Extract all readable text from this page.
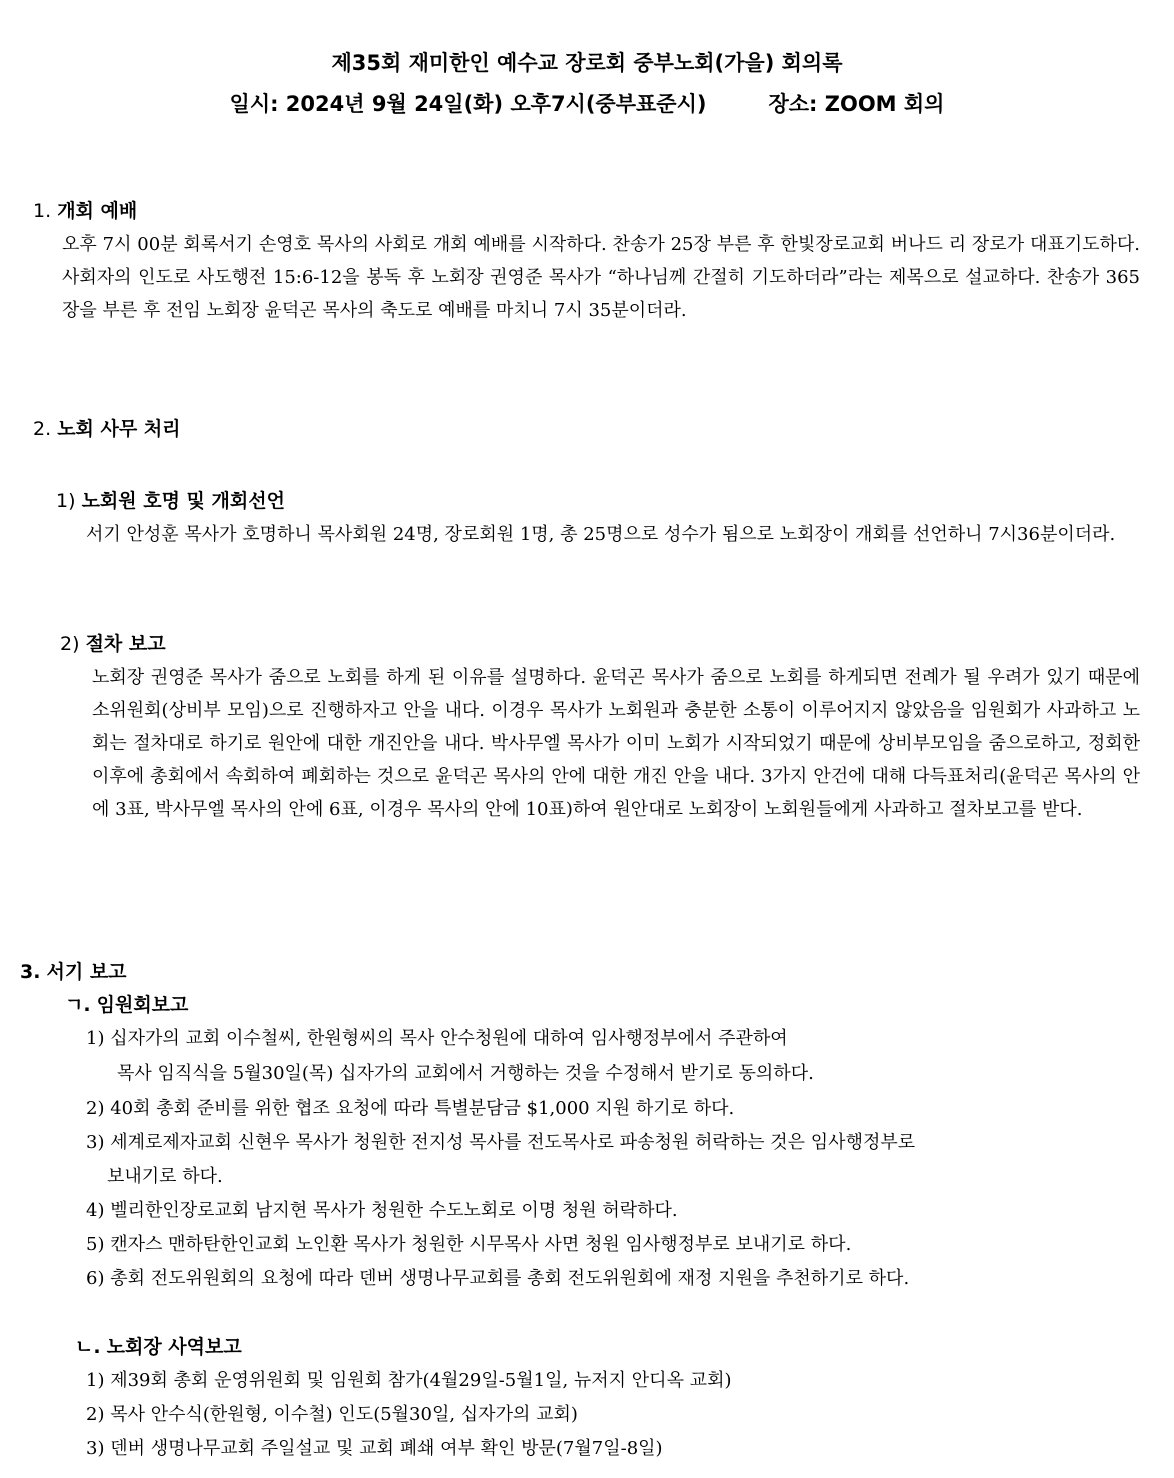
제35회 재미한인 예수교 장로회 중부노회(가을) 회의록
일시: 2024년 9월 24일(화) 오후7시(중부표준시)	장소: ZOOM 회의
1. 개회 예배
오후 7시 00분 회록서기 손영호 목사의 사회로 개회 예배를 시작하다. 찬송가 25장 부른 후 한빛장로교회 버나드 리 장로가 대표기도하다. 사회자의 인도로 사도행전 15:6-12을 봉독 후 노회장 권영준 목사가 “하나님께 간절히 기도하더라”라는 제목으로 설교하다. 찬송가 365장을 부른 후 전임 노회장 윤덕곤 목사의 축도로 예배를 마치니 7시 35분이더라.
2. 노회 사무 처리
1) 노회원 호명 및 개회선언
서기 안성훈 목사가 호명하니 목사회원 24명, 장로회원 1명, 총 25명으로 성수가 됨으로 노회장이 개회를 선언하니 7시36분이더라.
2) 절차 보고
노회장 권영준 목사가 줌으로 노회를 하게 된 이유를 설명하다. 윤덕곤 목사가 줌으로 노회를 하게되면 전례가 될 우려가 있기 때문에 소위원회(상비부 모임)으로 진행하자고 안을 내다. 이경우 목사가 노회원과 충분한 소통이 이루어지지 않았음을 임원회가 사과하고 노회는 절차대로 하기로 원안에 대한 개진안을 내다. 박사무엘 목사가 이미 노회가 시작되었기 때문에 상비부모임을 줌으로하고, 정회한 이후에 총회에서 속회하여 폐회하는 것으로 윤덕곤 목사의 안에 대한 개진 안을 내다. 3가지 안건에 대해 다득표처리(윤덕곤 목사의 안에 3표, 박사무엘 목사의 안에 6표, 이경우 목사의 안에 10표)하여 원안대로 노회장이 노회원들에게 사과하고 절차보고를 받다.
3. 서기 보고
ㄱ. 임원회보고
1) 십자가의 교회 이수철씨, 한원형씨의 목사 안수청원에 대하여 임사행정부에서 주관하여
목사 임직식을 5월30일(목) 십자가의 교회에서 거행하는 것을 수정해서 받기로 동의하다.
2) 40회 총회 준비를 위한 협조 요청에 따라 특별분담금 $1,000 지원 하기로 하다.
3) 세계로제자교회 신현우 목사가 청원한 전지성 목사를 전도목사로 파송청원 허락하는 것은 임사행정부로
보내기로 하다.
4) 벨리한인장로교회 남지현 목사가 청원한 수도노회로 이명 청원 허락하다.
5) 캔자스 맨하탄한인교회 노인환 목사가 청원한 시무목사 사면 청원 임사행정부로 보내기로 하다.
6) 총회 전도위원회의 요청에 따라 덴버 생명나무교회를 총회 전도위원회에 재정 지원을 추천하기로 하다.
ㄴ. 노회장 사역보고
1) 제39회 총회 운영위원회 및 임원회 참가(4월29일-5월1일, 뉴저지 안디옥 교회)
2) 목사 안수식(한원형, 이수철) 인도(5월30일, 십자가의 교회)
3) 덴버 생명나무교회 주일설교 및 교회 폐쇄 여부 확인 방문(7월7일-8일)
